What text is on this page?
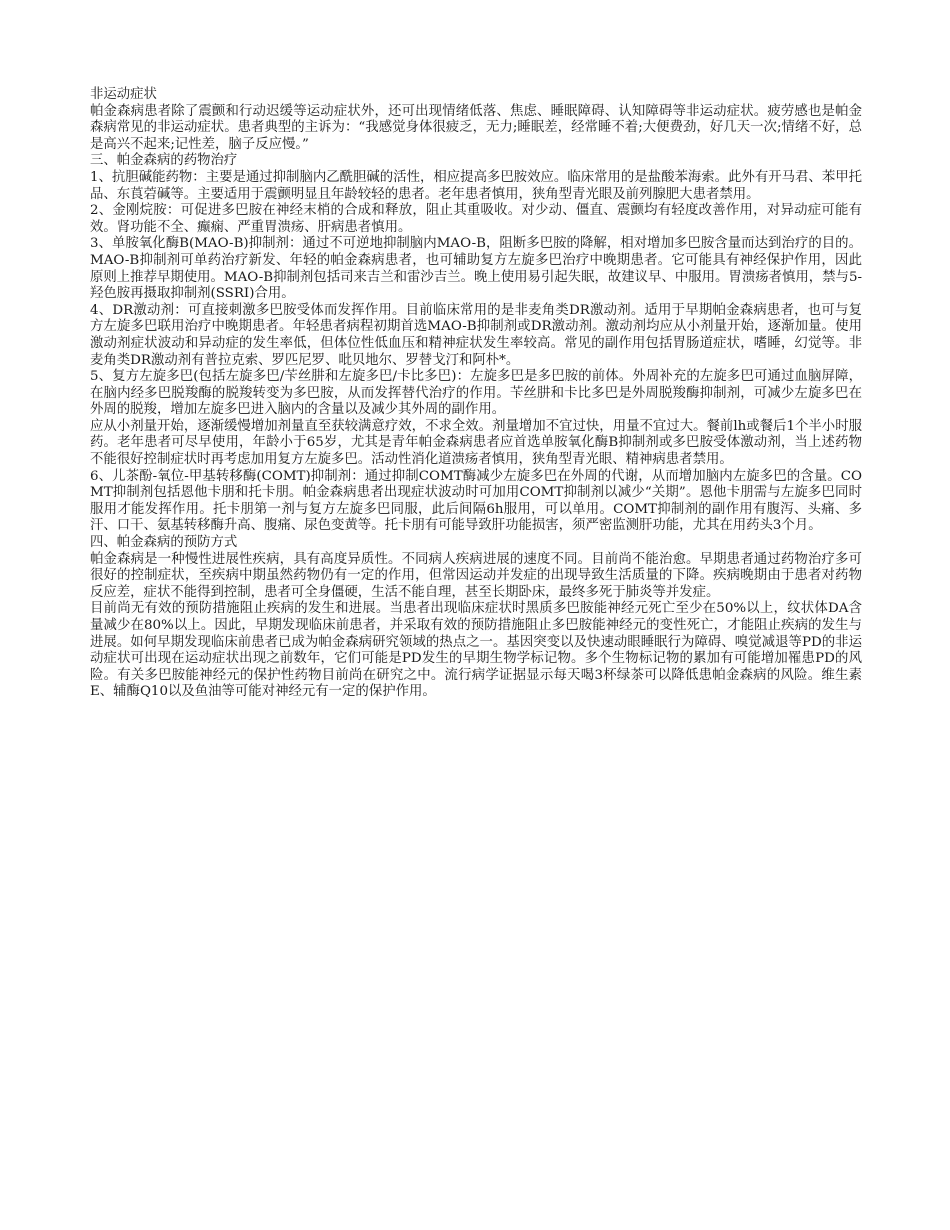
非运动症状

帕金森病患者除了震颤和行动迟缓等运动症状外，还可出现情绪低落、焦虑、睡眠障碍、认知障碍等非运动症状。疲劳感也是帕金森病常见的非运动症状。患者典型的主诉为：“我感觉身体很疲乏，无力;睡眠差，经常睡不着;大便费劲，好几天一次;情绪不好，总是高兴不起来;记性差，脑子反应慢。”

三、帕金森病的药物治疗

1、抗胆碱能药物：主要是通过抑制脑内乙酰胆碱的活性，相应提高多巴胺效应。临床常用的是盐酸苯海索。此外有开马君、苯甲托品、东莨菪碱等。主要适用于震颤明显且年龄较轻的患者。老年患者慎用，狭角型青光眼及前列腺肥大患者禁用。

2、金刚烷胺：可促进多巴胺在神经末梢的合成和释放，阻止其重吸收。对少动、僵直、震颤均有轻度改善作用，对异动症可能有效。肾功能不全、癫痫、严重胃溃疡、肝病患者慎用。

3、单胺氧化酶B(MAO-B)抑制剂：通过不可逆地抑制脑内MAO-B，阻断多巴胺的降解，相对增加多巴胺含量而达到治疗的目的。MAO-B抑制剂可单药治疗新发、年轻的帕金森病患者，也可辅助复方左旋多巴治疗中晚期患者。它可能具有神经保护作用，因此原则上推荐早期使用。MAO-B抑制剂包括司来吉兰和雷沙吉兰。晚上使用易引起失眠，故建议早、中服用。胃溃疡者慎用，禁与5-羟色胺再摄取抑制剂(SSRI)合用。

4、DR激动剂：可直接刺激多巴胺受体而发挥作用。目前临床常用的是非麦角类DR激动剂。适用于早期帕金森病患者，也可与复方左旋多巴联用治疗中晚期患者。年轻患者病程初期首选MAO-B抑制剂或DR激动剂。激动剂均应从小剂量开始，逐渐加量。使用激动剂症状波动和异动症的发生率低，但体位性低血压和精神症状发生率较高。常见的副作用包括胃肠道症状，嗜睡，幻觉等。非麦角类DR激动剂有普拉克索、罗匹尼罗、吡贝地尔、罗替戈汀和阿朴*。

5、复方左旋多巴(包括左旋多巴/苄丝肼和左旋多巴/卡比多巴)：左旋多巴是多巴胺的前体。外周补充的左旋多巴可通过血脑屏障，在脑内经多巴脱羧酶的脱羧转变为多巴胺，从而发挥替代治疗的作用。苄丝肼和卡比多巴是外周脱羧酶抑制剂，可减少左旋多巴在外周的脱羧，增加左旋多巴进入脑内的含量以及减少其外周的副作用。

应从小剂量开始，逐渐缓慢增加剂量直至获较满意疗效，不求全效。剂量增加不宜过快，用量不宜过大。餐前lh或餐后1个半小时服药。老年患者可尽早使用，年龄小于65岁，尤其是青年帕金森病患者应首选单胺氧化酶B抑制剂或多巴胺受体激动剂，当上述药物不能很好控制症状时再考虑加用复方左旋多巴。活动性消化道溃疡者慎用，狭角型青光眼、精神病患者禁用。

6、儿茶酚-氧位-甲基转移酶(COMT)抑制剂：通过抑制COMT酶减少左旋多巴在外周的代谢，从而增加脑内左旋多巴的含量。COMT抑制剂包括恩他卡朋和托卡朋。帕金森病患者出现症状波动时可加用COMT抑制剂以减少“关期”。恩他卡朋需与左旋多巴同时服用才能发挥作用。托卡朋第一剂与复方左旋多巴同服，此后间隔6h服用，可以单用。COMT抑制剂的副作用有腹泻、头痛、多汗、口干、氨基转移酶升高、腹痛、尿色变黄等。托卡朋有可能导致肝功能损害，须严密监测肝功能，尤其在用药头3个月。

四、帕金森病的预防方式

帕金森病是一种慢性进展性疾病，具有高度异质性。不同病人疾病进展的速度不同。目前尚不能治愈。早期患者通过药物治疗多可很好的控制症状，至疾病中期虽然药物仍有一定的作用，但常因运动并发症的出现导致生活质量的下降。疾病晚期由于患者对药物反应差，症状不能得到控制，患者可全身僵硬，生活不能自理，甚至长期卧床，最终多死于肺炎等并发症。

目前尚无有效的预防措施阻止疾病的发生和进展。当患者出现临床症状时黑质多巴胺能神经元死亡至少在50%以上，纹状体DA含量减少在80%以上。因此，早期发现临床前患者，并采取有效的预防措施阻止多巴胺能神经元的变性死亡，才能阻止疾病的发生与进展。如何早期发现临床前患者已成为帕金森病研究领域的热点之一。基因突变以及快速动眼睡眠行为障碍、嗅觉减退等PD的非运动症状可出现在运动症状出现之前数年，它们可能是PD发生的早期生物学标记物。多个生物标记物的累加有可能增加罹患PD的风险。有关多巴胺能神经元的保护性药物目前尚在研究之中。流行病学证据显示每天喝3杯绿茶可以降低患帕金森病的风险。维生素E、辅酶Q10以及鱼油等可能对神经元有一定的保护作用。
